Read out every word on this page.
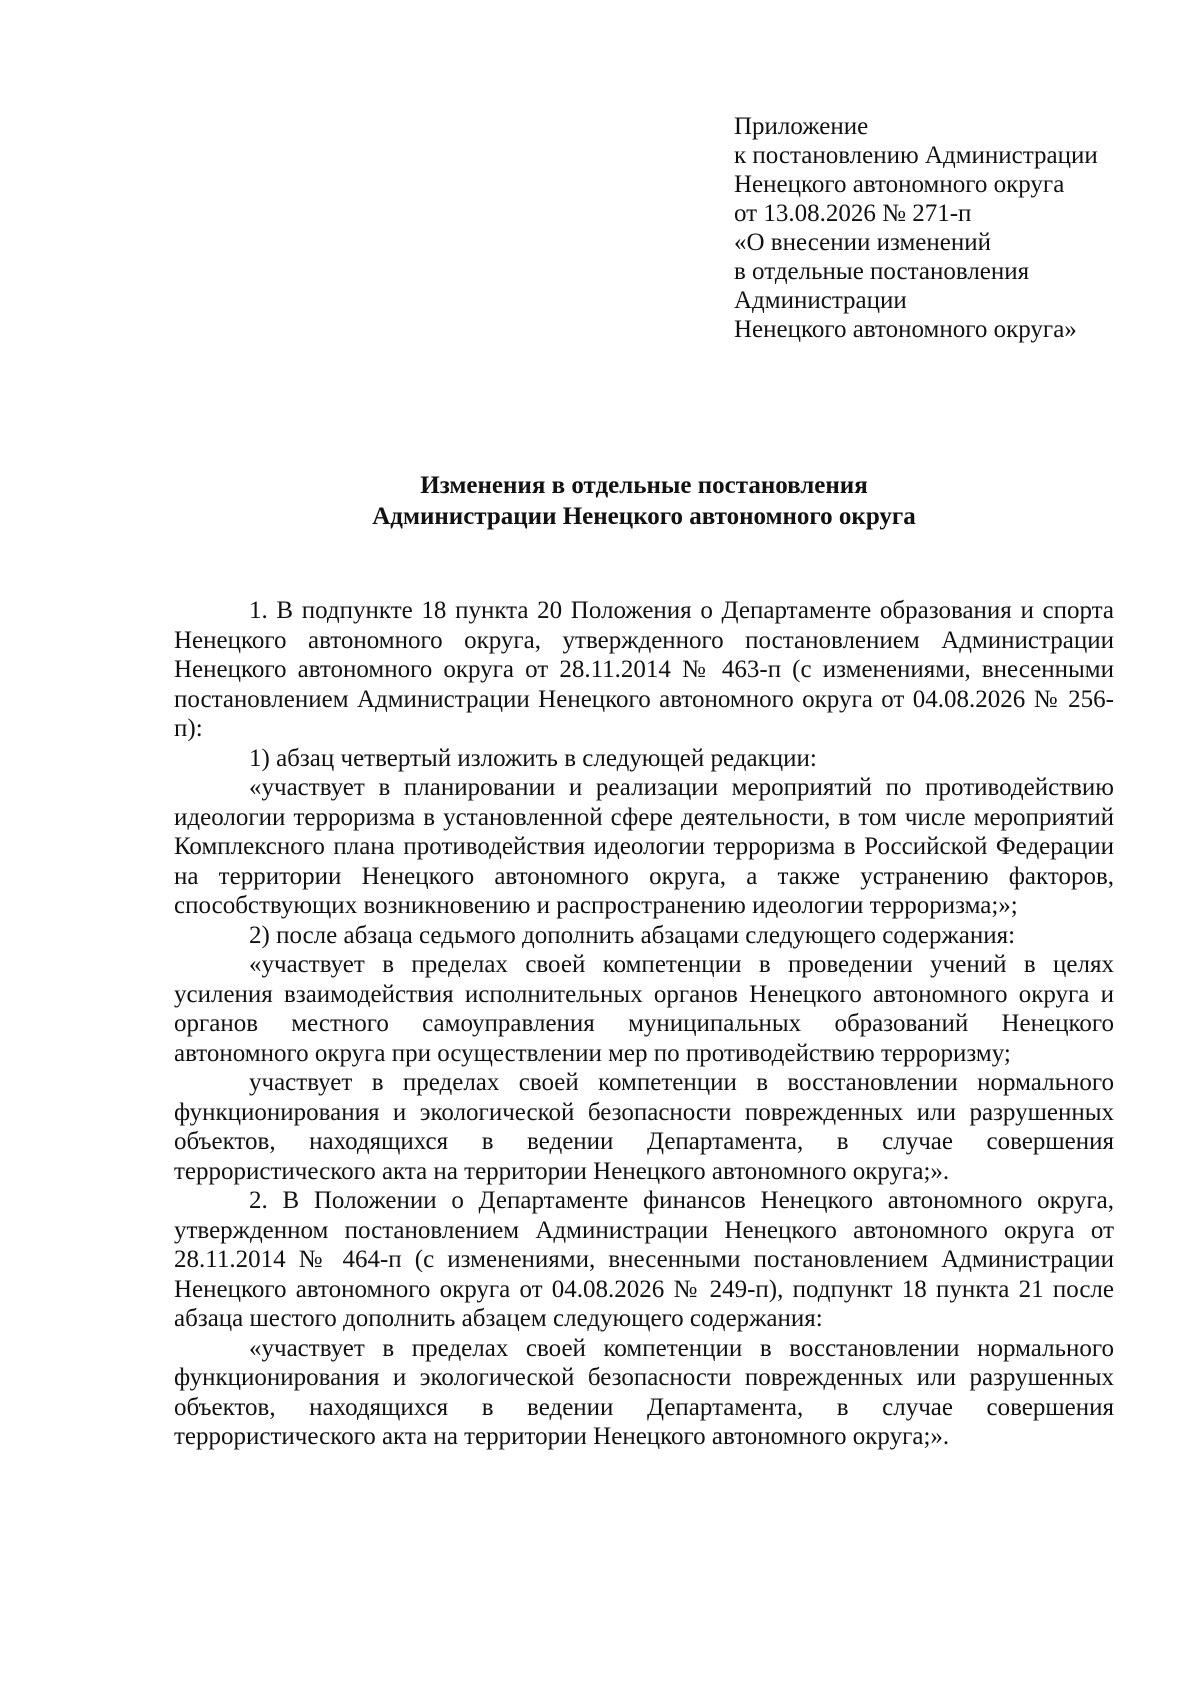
Приложение
к постановлению Администрации
Ненецкого автономного округа
от 13.08.2026 № 271-п
«О внесении изменений
в отдельные постановления
Администрации
Ненецкого автономного округа»
Изменения в отдельные постановления
Администрации Ненецкого автономного округа

1. В подпункте 18 пункта 20 Положения о Департаменте образования и спорта Ненецкого автономного округа, утвержденного постановлением Администрации Ненецкого автономного округа от 28.11.2014 № 463-п (с изменениями, внесенными постановлением Администрации Ненецкого автономного округа от 04.08.2026 № 256-п):

1) абзац четвертый изложить в следующей редакции:

«участвует в планировании и реализации мероприятий по противодействию идеологии терроризма в установленной сфере деятельности, в том числе мероприятий Комплексного плана противодействия идеологии терроризма в Российской Федерации на территории Ненецкого автономного округа, а также устранению факторов, способствующих возникновению и распространению идеологии терроризма;»;

2) после абзаца седьмого дополнить абзацами следующего содержания:

«участвует в пределах своей компетенции в проведении учений в целях усиления взаимодействия исполнительных органов Ненецкого автономного округа и органов местного самоуправления муниципальных образований Ненецкого автономного округа при осуществлении мер по противодействию терроризму;

участвует в пределах своей компетенции в восстановлении нормального функционирования и экологической безопасности поврежденных или разрушенных объектов, находящихся в ведении Департамента, в случае совершения террористического акта на территории Ненецкого автономного округа;».

2. В Положении о Департаменте финансов Ненецкого автономного округа, утвержденном постановлением Администрации Ненецкого автономного округа от 28.11.2014 № 464-п (с изменениями, внесенными постановлением Администрации Ненецкого автономного округа от 04.08.2026 № 249-п), подпункт 18 пункта 21 после абзаца шестого дополнить абзацем следующего содержания:

«участвует в пределах своей компетенции в восстановлении нормального функционирования и экологической безопасности поврежденных или разрушенных объектов, находящихся в ведении Департамента, в случае совершения террористического акта на территории Ненецкого автономного округа;».
